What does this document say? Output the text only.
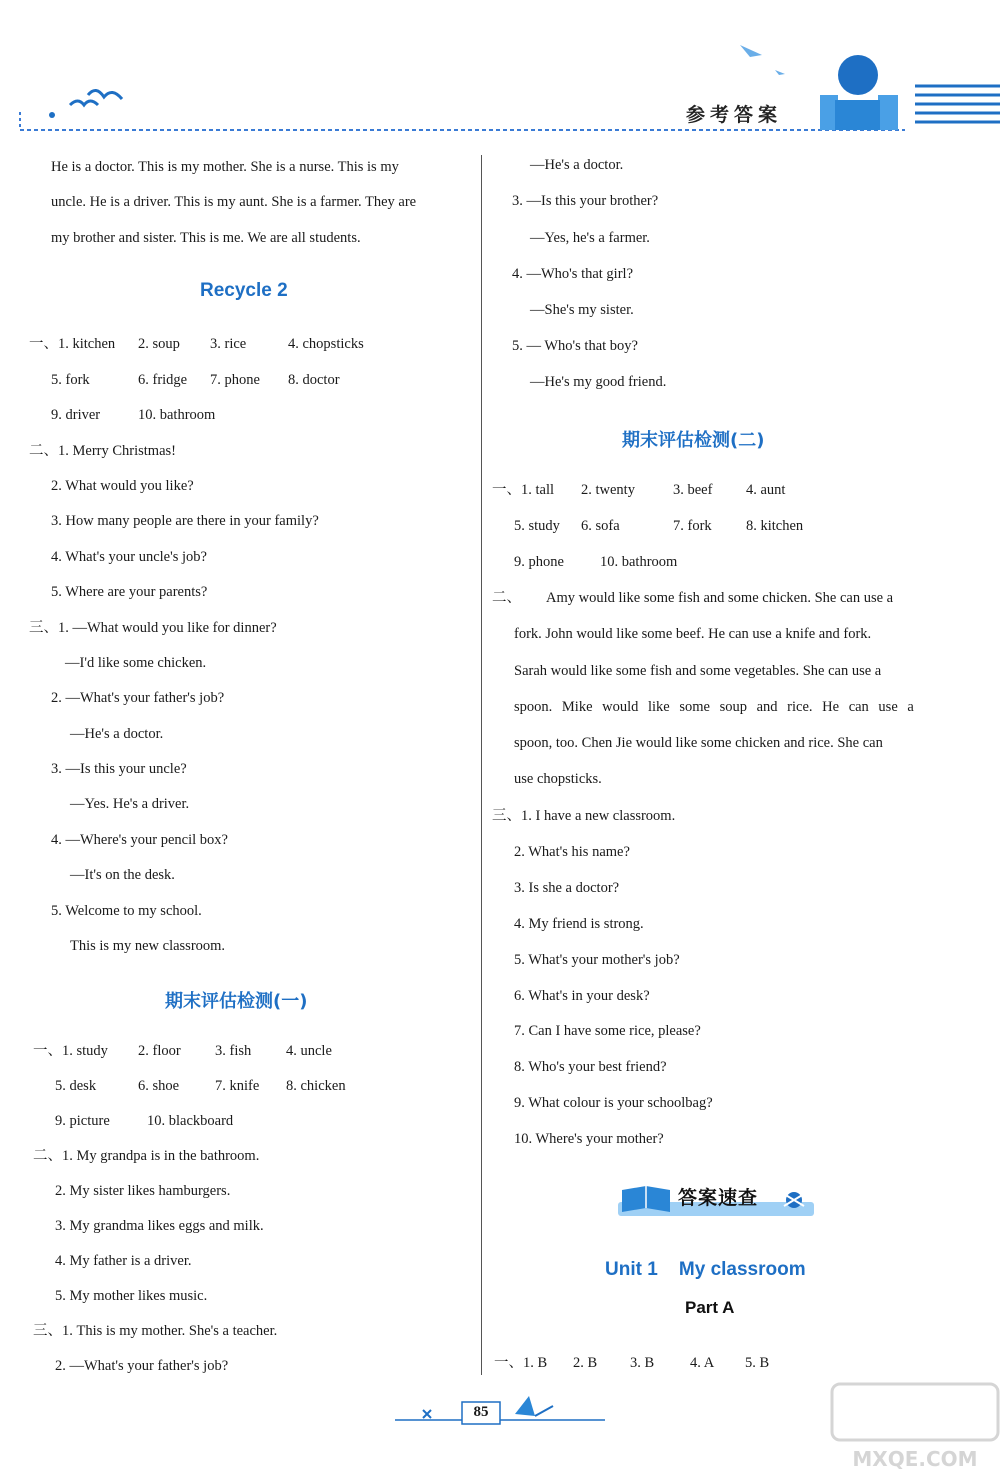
参考答案
He is a doctor. This is my mother. She is a nurse. This is my
uncle. He is a driver. This is my aunt. She is a farmer. They are
my brother and sister. This is me. We are all students.
Recycle 2
一、1. kitchen 2. soup 3. rice	4. chopsticks
5. fork	6. fridge 7. phone 8. doctor
9. driver	10. bathroom
二、1. Merry Christmas!
2. What would you like?
3. How many people are there in your family?
4. What's your uncle's job?
5. Where are your parents?
三、1. —What would you like for dinner?
—I'd like some chicken.
2. —What's your father's job?
—He's a doctor.
3. —Is this your uncle?
—Yes. He's a driver.
4. —Where's your pencil box?
—It's on the desk.
5. Welcome to my school.
This is my new classroom.
期末评估检测(一)
一、1. study 2. floor 3. fish 4. uncle
5. desk	6. shoe 7. knife 8. chicken
9. picture	10. blackboard
二、1. My grandpa is in the bathroom.
2. My sister likes hamburgers.
3. My grandma likes eggs and milk.
4. My father is a driver.
5. My mother likes music.
三、1. This is my mother. She's a teacher.
2. —What's your father's job?
—He's a doctor.
3. —Is this your brother?
—Yes, he's a farmer.
4. —Who's that girl?
—She's my sister.
5. — Who's that boy?
—He's my good friend.
期末评估检测(二)
一、1. tall 2. twenty	3. beef 4. aunt
5. study 6. sofa	7. fork 8. kitchen
9. phone 10. bathroom
二、 Amy would like some fish and some chicken. She can use a
fork. John would like some beef. He can use a knife and fork.
Sarah would like some fish and some vegetables. She can use a
spoon. Mike would like some soup and rice. He can use a
spoon, too. Chen Jie would like some chicken and rice. She can
use chopsticks.
三、1. I have a new classroom.
2. What's his name?
3. Is she a doctor?
4. My friend is strong.
5. What's your mother's job?
6. What's in your desk?
7. Can I have some rice, please?
8. Who's your best friend?
9. What colour is your schoolbag?
10. Where's your mother?
答案速查
Unit 1    My classroom
Part A
一、1. B 2. B 3. B 4. A 5. B
85
MXQE.COM
